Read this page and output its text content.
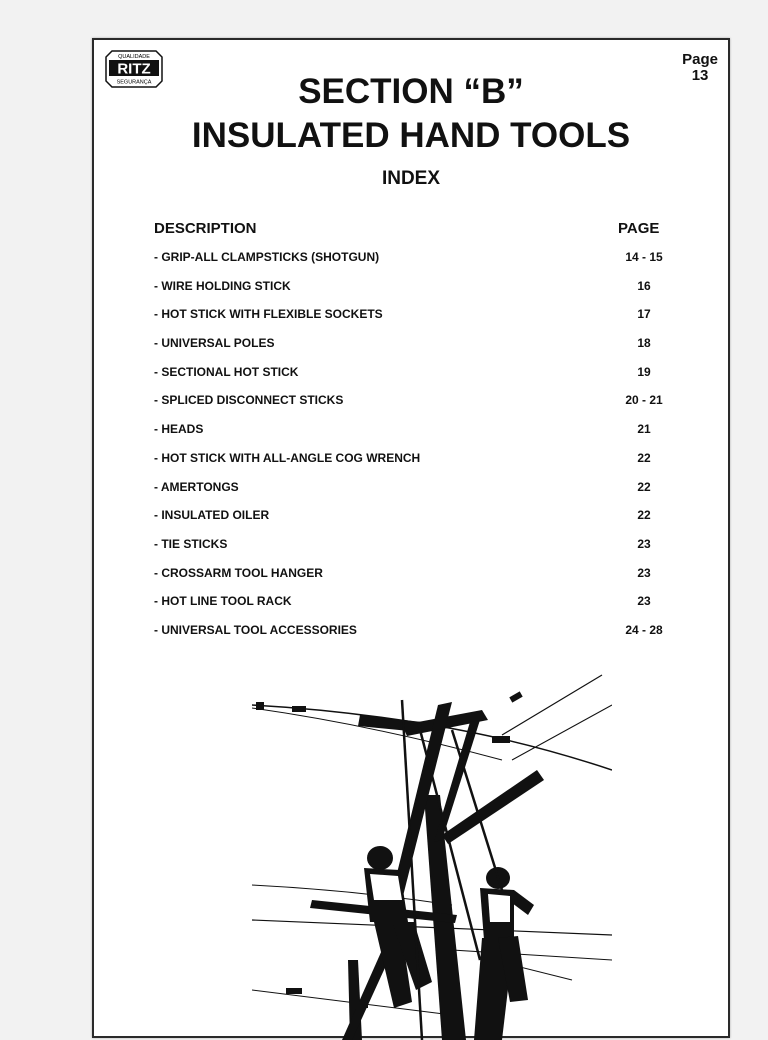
QUALIDADE
RITZ
SEGURANÇA
Page
13
SECTION “B”
INSULATED HAND TOOLS
INDEX
DESCRIPTION	PAGE
- GRIP-ALL CLAMPSTICKS (SHOTGUN)	14 - 15
- WIRE HOLDING STICK	16
- HOT STICK WITH FLEXIBLE SOCKETS	17
- UNIVERSAL POLES	18
- SECTIONAL HOT STICK	19
- SPLICED DISCONNECT STICKS	20 - 21
- HEADS	21
- HOT STICK WITH ALL-ANGLE COG WRENCH	22
- AMERTONGS	22
- INSULATED OILER	22
- TIE STICKS	23
- CROSSARM TOOL HANGER	23
- HOT LINE TOOL RACK	23
- UNIVERSAL TOOL ACCESSORIES	24 - 28
